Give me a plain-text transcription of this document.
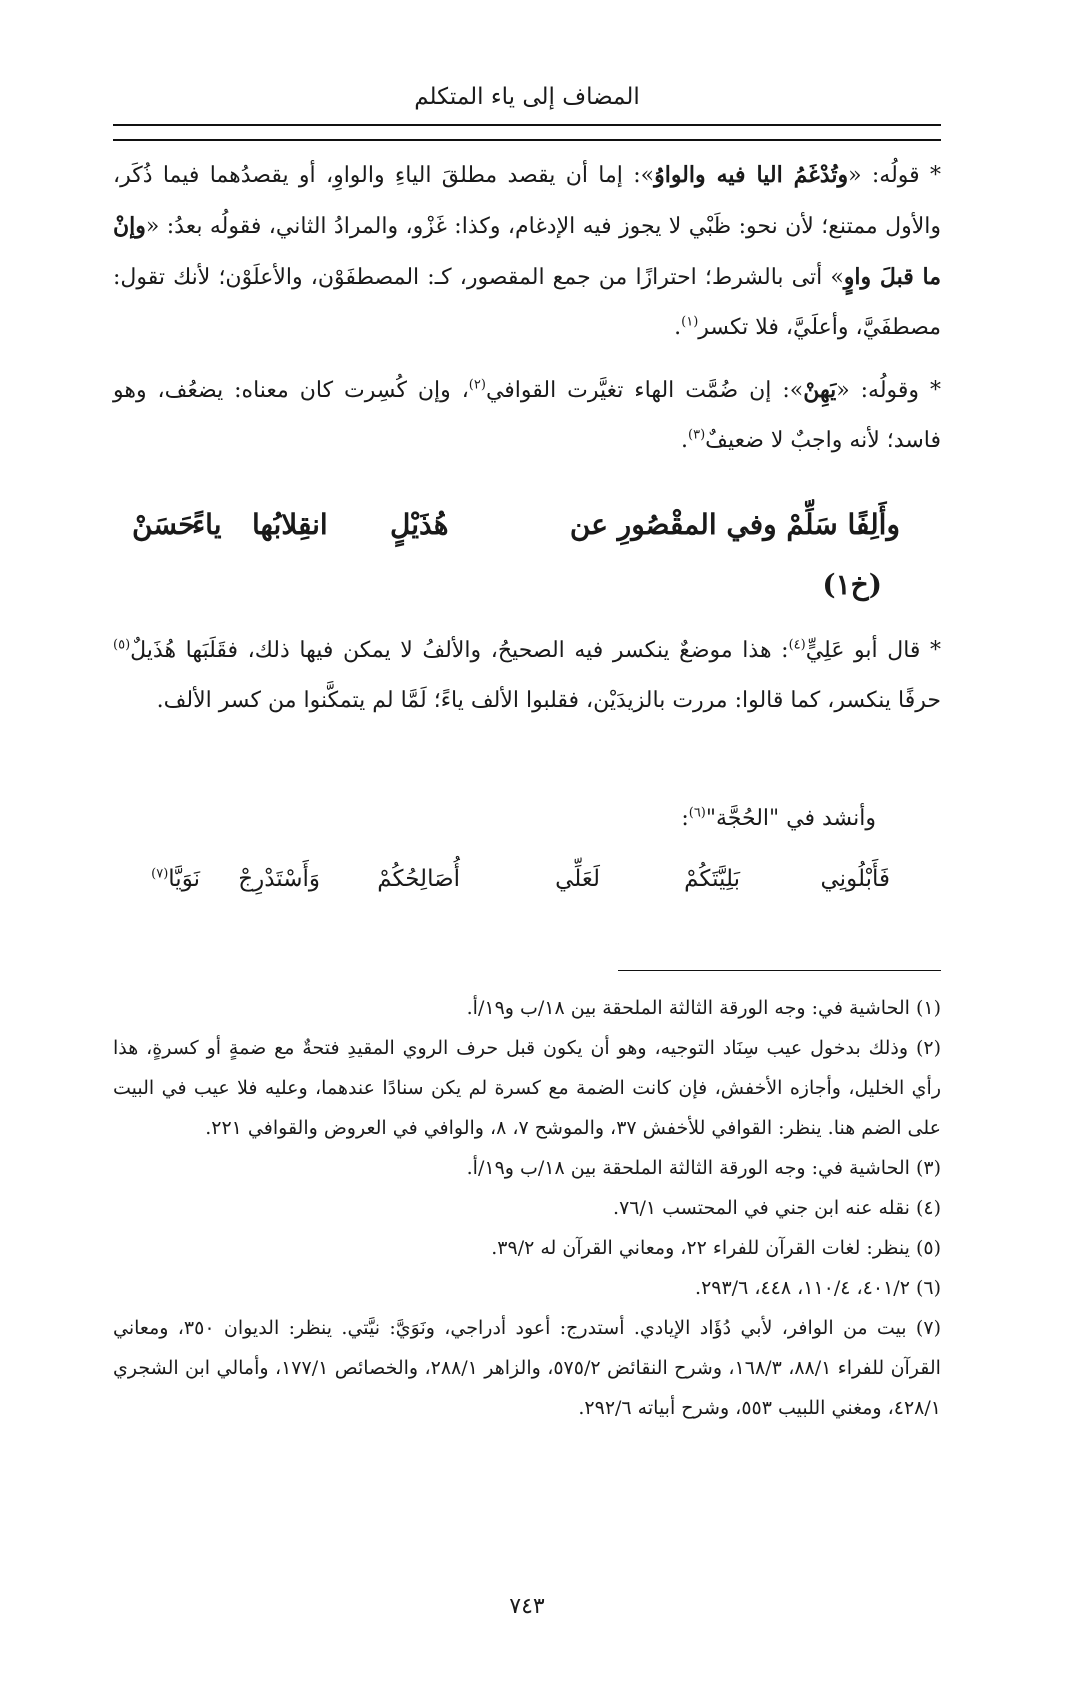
المضاف إلى ياء المتكلم

* قولُه: «وتُدْغَمُ اليا فيه والواوُ»: إما أن يقصد مطلقَ الياءِ والواوِ، أو يقصدُهما فيما ذُكَر، والأول ممتنع؛ لأن نحو: ظَبْي لا يجوز فيه الإدغام، وكذا: غَزْو، والمرادُ الثاني، فقولُه بعدُ: «وإنْ ما قبلَ واوٍ» أتى بالشرط؛ احترازًا من جمع المقصور، كـ: المصطفَوْن، والأعلَوْن؛ لأنك تقول: مصطفَيَّ، وأعلَيَّ، فلا تكسر$^{(١)}$.

* وقولُه: «يَهِنْ»: إن ضُمَّت الهاء تغيَّرت القوافي$^{(٢)}$، وإن كُسِرت كان معناه: يضعُف، وهو فاسد؛ لأنه واجبٌ لا ضعيفٌ$^{(٣)}$.

وأَلِفًا سَلِّمْ وفي المقْصُورِ عن
هُذَيْلٍ
انقِلابُها
ياءً
حَسَنْ
(خ١)

* قال أبو عَلِيٍّ$^{(٤)}$: هذا موضعٌ ينكسر فيه الصحيحُ، والألفُ لا يمكن فيها ذلك، فقَلَبَها هُذَيلٌ$^{(٥)}$ حرفًا ينكسر، كما قالوا: مررت بالزيدَيْن، فقلبوا الألف ياءً؛ لَمَّا لم يتمكَّنوا من كسر الألف.

وأنشد في "الحُجَّة"$^{(٦)}$:
فَأَبْلُونِي
بَلِيَّتَكُمْ
لَعَلِّي
أُصَالِحُكُمْ
وَأَسْتَدْرِجْ
نَوَيَّا$^{(٧)}$

(١) الحاشية في: وجه الورقة الثالثة الملحقة بين ١٨/ب و١٩/أ.

(٢) وذلك بدخول عيب سِنَاد التوجيه، وهو أن يكون قبل حرف الروي المقيدِ فتحةٌ مع ضمةٍ أو كسرةٍ، هذا رأي الخليل، وأجازه الأخفش، فإن كانت الضمة مع كسرة لم يكن سنادًا عندهما، وعليه فلا عيب في البيت على الضم هنا. ينظر: القوافي للأخفش ٣٧، والموشح ٧، ٨، والوافي في العروض والقوافي ٢٢١.

(٣) الحاشية في: وجه الورقة الثالثة الملحقة بين ١٨/ب و١٩/أ.

(٤) نقله عنه ابن جني في المحتسب ٧٦/١.

(٥) ينظر: لغات القرآن للفراء ٢٢، ومعاني القرآن له ٣٩/٢.

(٦) ٤٠١/٢، ١١٠/٤، ٤٤٨، ٢٩٣/٦.

(٧) بيت من الوافر، لأبي دُؤَاد الإيادي. أستدرج: أعود أدراجي، ونَوَيَّ: نيَّتي. ينظر: الديوان ٣٥٠، ومعاني القرآن للفراء ٨٨/١، ١٦٨/٣، وشرح النقائض ٥٧٥/٢، والزاهر ٢٨٨/١، والخصائص ١٧٧/١، وأمالي ابن الشجري ٤٢٨/١، ومغني اللبيب ٥٥٣، وشرح أبياته ٢٩٢/٦.

٧٤٣
